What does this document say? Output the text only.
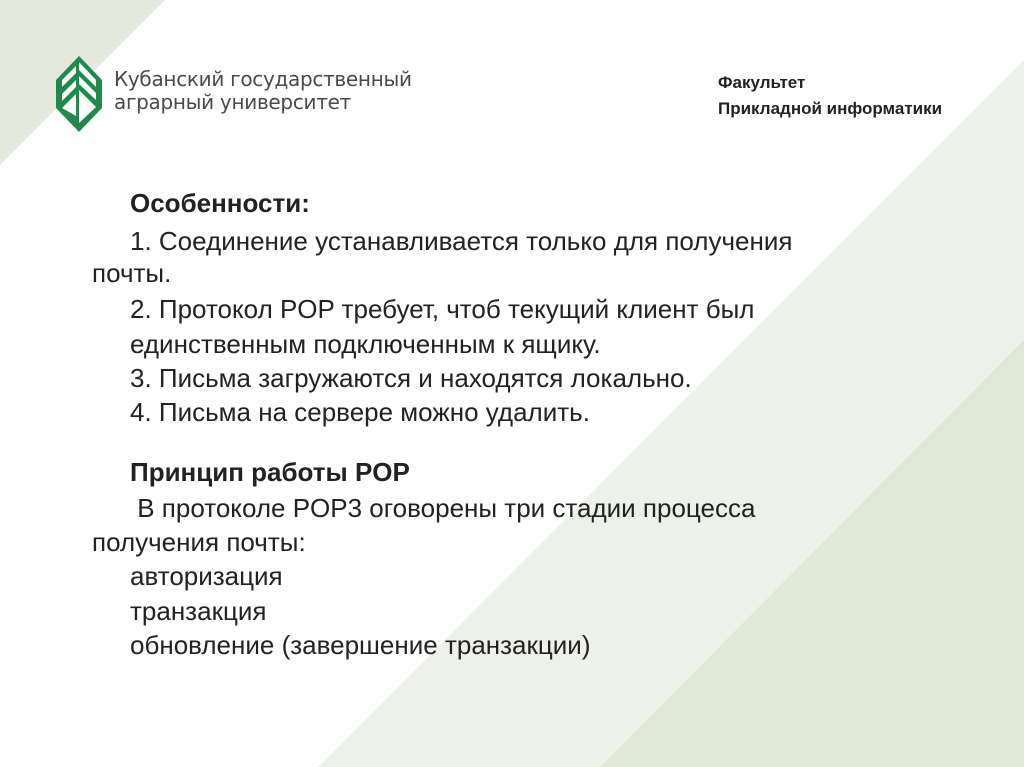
Кубанский государственный
аграрный университет
Факультет
Прикладной информатики
Особенности:
1. Соединение устанавливается только для получения
почты.
2. Протокол POP требует, чтоб текущий клиент был
единственным подключенным к ящику.
3. Письма загружаются и находятся локально.
4. Письма на сервере можно удалить.
Принцип работы POP
В протоколе POP3 оговорены три стадии процесса
получения почты:
авторизация
транзакция
обновление (завершение транзакции)
